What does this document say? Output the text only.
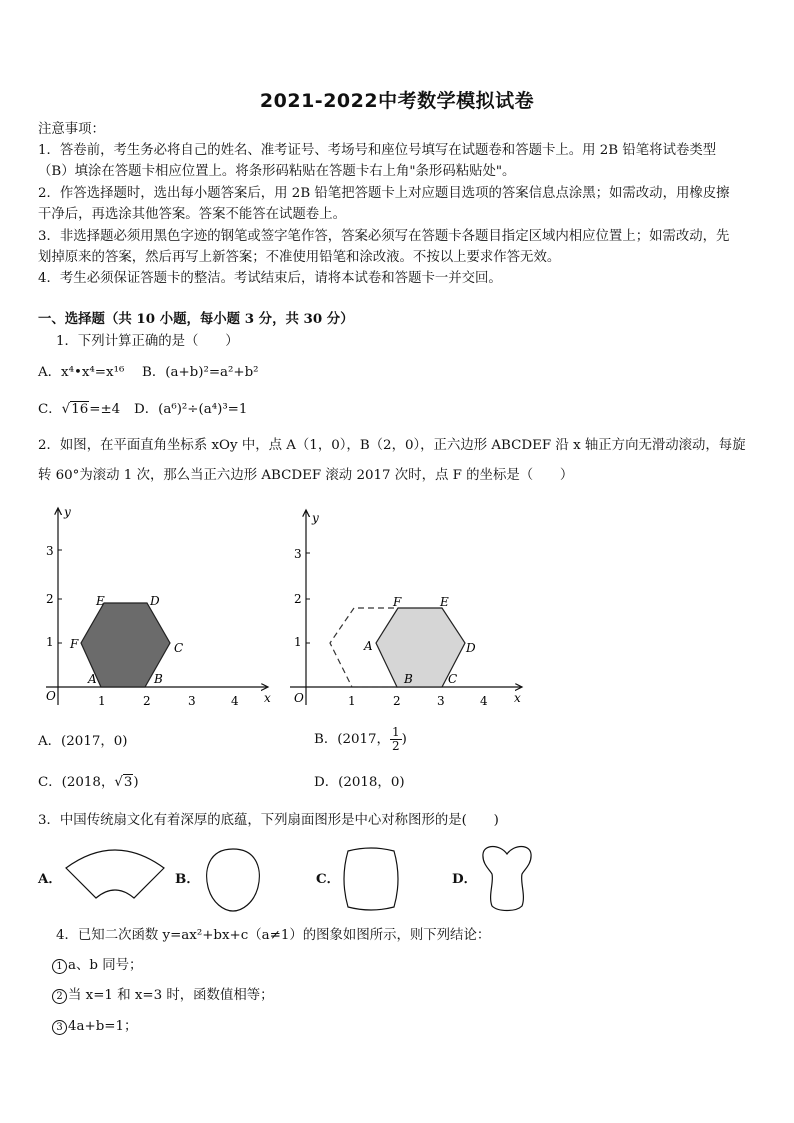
2021-2022中考数学模拟试卷
注意事项：
1．答卷前，考生务必将自己的姓名、准考证号、考场号和座位号填写在试题卷和答题卡上。用 2B 铅笔将试卷类型
（B）填涂在答题卡相应位置上。将条形码粘贴在答题卡右上角"条形码粘贴处"。
2．作答选择题时，选出每小题答案后，用 2B 铅笔把答题卡上对应题目选项的答案信息点涂黑；如需改动，用橡皮擦
干净后，再选涂其他答案。答案不能答在试题卷上。
3．非选择题必须用黑色字迹的钢笔或签字笔作答，答案必须写在答题卡各题目指定区域内相应位置上；如需改动，先
划掉原来的答案，然后再写上新答案；不准使用铅笔和涂改液。不按以上要求作答无效。
4．考生必须保证答题卡的整洁。考试结束后，请将本试卷和答题卡一并交回。
一、选择题（共 10 小题，每小题 3 分，共 30 分）
1．下列计算正确的是（　　）
A．x⁴•x⁴=x¹⁶ B．(a+b)²=a²+b²
C．√16=±4 D．(a⁶)²÷(a⁴)³=1
2．如图，在平面直角坐标系 xOy 中，点 A（1，0），B（2，0），正六边形 ABCDEF 沿 x 轴正方向无滑动滚动，每旋
转 60°为滚动 1 次，那么当正六边形 ABCDEF 滚动 2017 次时，点 F 的坐标是（　　）
y
x
O	1	2	3	4
1
2
3
A	B
C
D
E
F
y
x
O	1	2	3	4
1
2
3
A
B	C
D
E
F
A．(2017，0)	B．(2017， $\frac{1}{2}$ )
C．(2018，√3)	D．(2018，0)
3．中国传统扇文化有着深厚的底蕴，下列扇面图形是中心对称图形的是(　　)
A．	B．	C．	D．
4．已知二次函数 y=ax²+bx+c（a≠1）的图象如图所示，则下列结论：
1 a、b 同号；
2 当 x=1 和 x=3 时，函数值相等；
3 4a+b=1；
